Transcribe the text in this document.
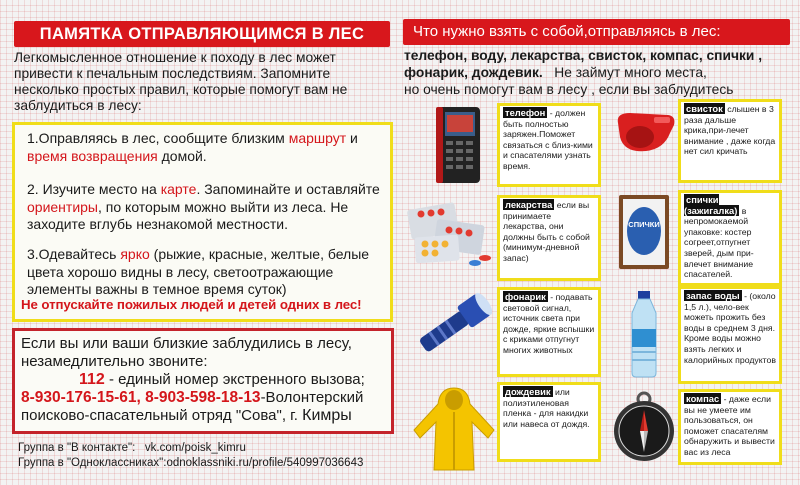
ПАМЯТКА ОТПРАВЛЯЮЩИМСЯ В ЛЕС
Легкомысленное отношение к походу в лес может привести к печальным последствиям. Запомните несколько простых правил, которые помогут вам не заблудиться в лесу:
1.Оправляясь в лес, сообщите близким маршрут и время возвращения домой.
2. Изучите место на карте. Запоминайте и оставляйте ориентиры, по которым можно выйти из леса. Не заходите вглубь незнакомой местности.
3.Одевайтесь ярко (рыжие, красные, желтые, белые цвета хорошо видны в лесу, светоотражающие элементы важны в темное время суток)
Не отпускайте пожилых людей и детей одних в лес!
Если вы или ваши близкие заблудились в лесу, незамедлительно звоните:
112 - единый номер экстренного вызова;
8-930-176-15-61, 8-903-598-18-13-Волонтерский поисково-спасательный отряд "Сова", г. Кимры
Группа в "В контакте": vk.com/poisk_kimru
Группа в "Одноклассниках":odnoklassniki.ru/profile/540997036643
Что нужно взять с собой,отправляясь в лес:
телефон, воду, лекарства, свисток, компас, спички , фонарик, дождевик. Не займут много места,
но очень помогут вам в лесу , если вы заблудитесь
телефон - должен быть полностью заряжен.Поможет связаться с близ-кими и спасателями узнать время.
свисток слышен в 3 раза дальше крика,при-лечет внимание , даже когда нет сил кричать
лекарства если вы принимаете лекарства, они должны быть с собой (минимум-дневной запас)
СПИЧКИ
спички (зажигалка) в непромокаемой упаковке: костер согреет,отпугнет зверей, дым при-влечет внимание спасателей.
фонарик - подавать световой сигнал, источник света при дожде, яркие вспышки с криками отпугнут многих животных
запас воды - (около 1,5 л.), чело-век можеть прожить без воды в среднем 3 дня. Кроме воды можно взять легких и калорийных продуктов
дождевик или полиэтиленовая пленка - для накидки или навеса от дождя.
компас - даже если вы не умеете им пользоваться, он поможет спасателям обнаружить и вывести вас из леса
